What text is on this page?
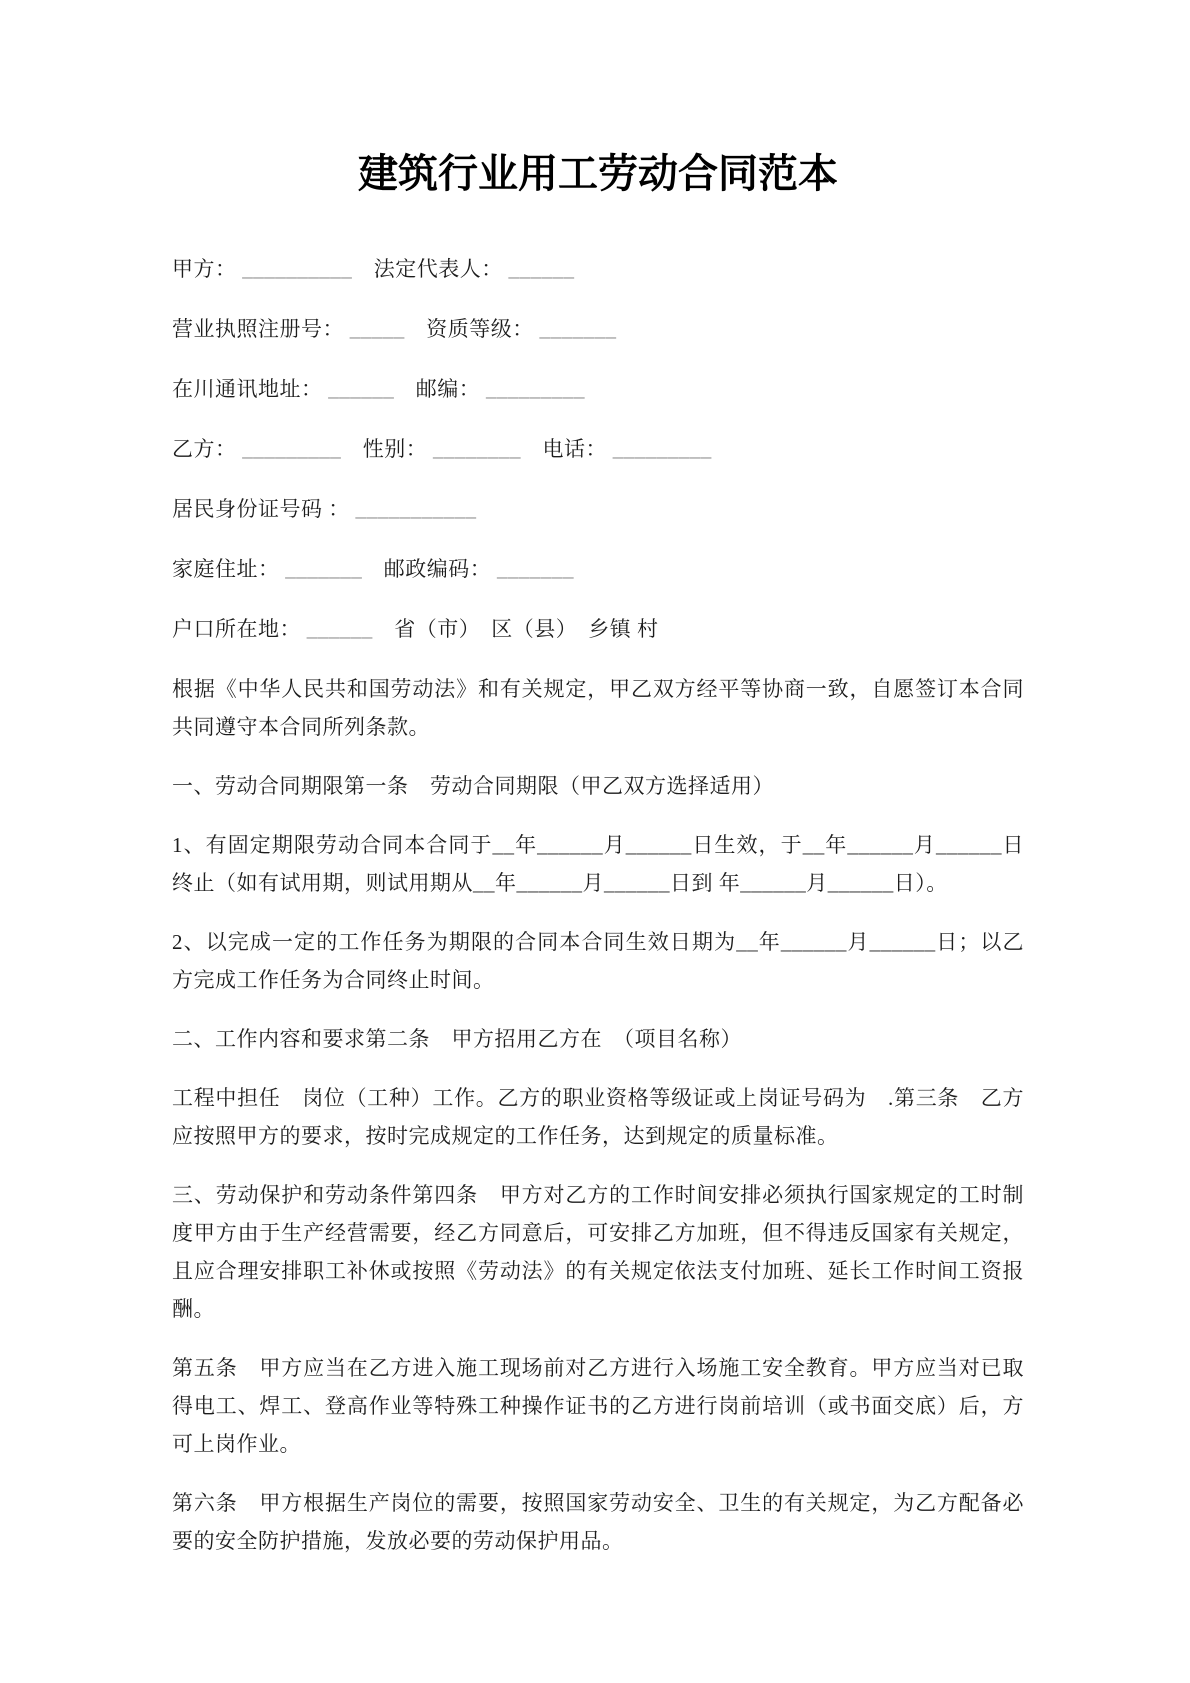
建筑行业用工劳动合同范本

甲方： __________　法定代表人： ______

营业执照注册号： _____　资质等级： _______

在川通讯地址： ______　邮编： _________

乙方： _________　性别： ________　电话： _________

居民身份证号码 ： ___________

家庭住址： _______　邮政编码： _______

户口所在地： ______　省（市）　区（县）　乡镇 村

根据《中华人民共和国劳动法》和有关规定，甲乙双方经平等协商一致，自愿签订本合同共同遵守本合同所列条款。

一、劳动合同期限第一条　劳动合同期限（甲乙双方选择适用）

1、有固定期限劳动合同本合同于__年______月______日生效，于__年______月______日终止（如有试用期，则试用期从__年______月______日到 年______月______日）。

2、以完成一定的工作任务为期限的合同本合同生效日期为__年______月______日；以乙方完成工作任务为合同终止时间。

二、工作内容和要求第二条　甲方招用乙方在　（项目名称）

工程中担任　岗位（工种）工作。乙方的职业资格等级证或上岗证号码为　.第三条　乙方应按照甲方的要求，按时完成规定的工作任务，达到规定的质量标准。

三、劳动保护和劳动条件第四条　甲方对乙方的工作时间安排必须执行国家规定的工时制度甲方由于生产经营需要，经乙方同意后，可安排乙方加班，但不得违反国家有关规定，且应合理安排职工补休或按照《劳动法》的有关规定依法支付加班、延长工作时间工资报酬。

第五条　甲方应当在乙方进入施工现场前对乙方进行入场施工安全教育。甲方应当对已取得电工、焊工、登高作业等特殊工种操作证书的乙方进行岗前培训（或书面交底）后，方可上岗作业。

第六条　甲方根据生产岗位的需要，按照国家劳动安全、卫生的有关规定，为乙方配备必要的安全防护措施，发放必要的劳动保护用品。
